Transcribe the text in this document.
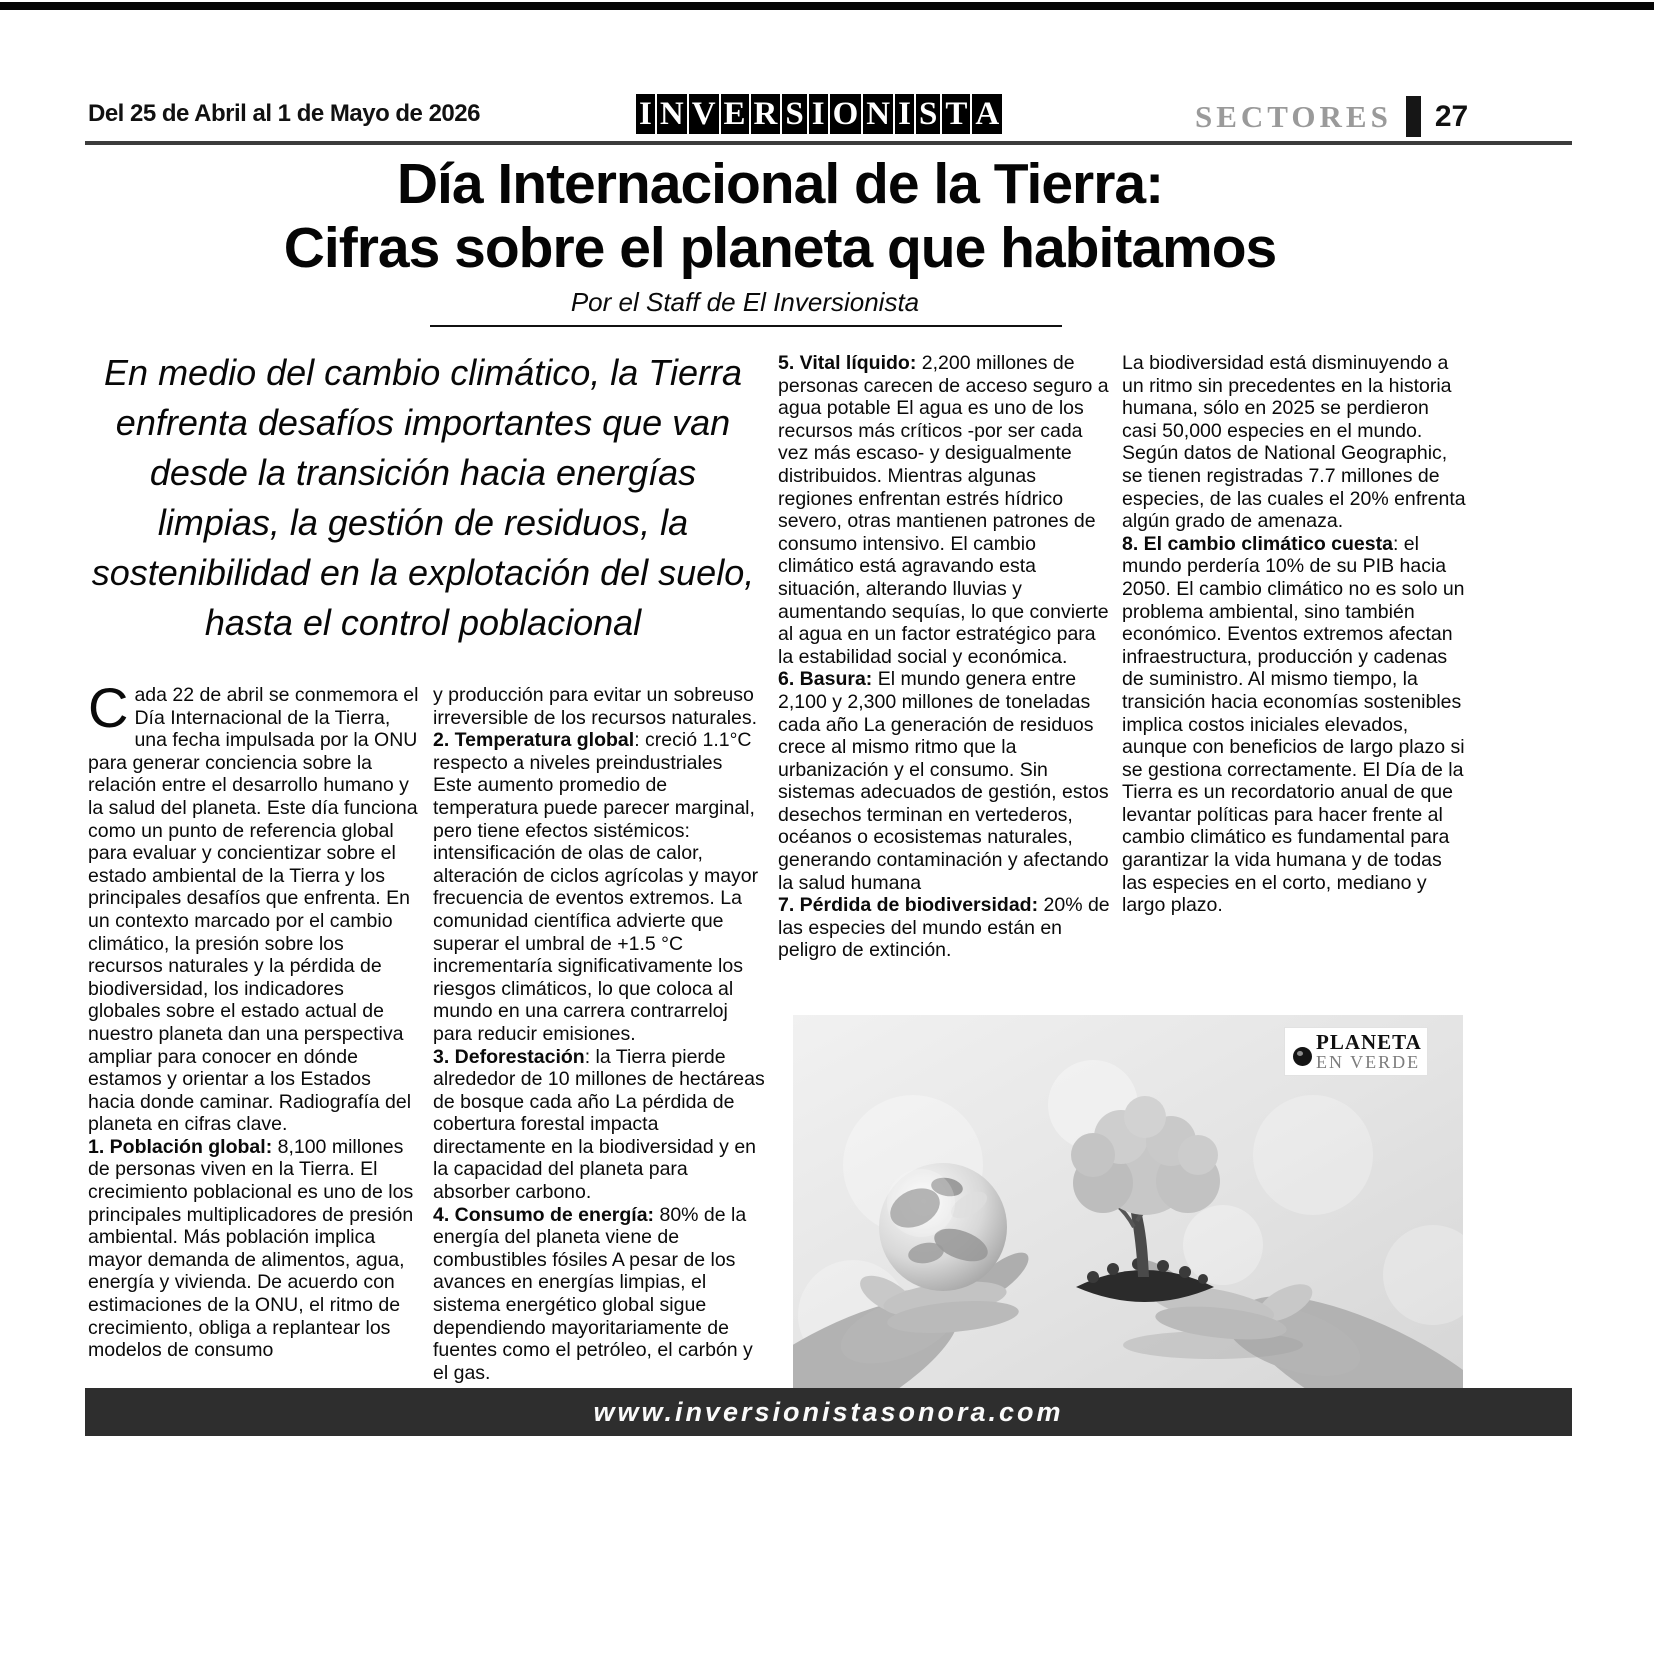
Del 25 de Abril al 1 de Mayo de 2026	I N V E R S I O N I S T A	SECTORES 27
Día Internacional de la Tierra:
Cifras sobre el planeta que habitamos
Por el Staff de El Inversionista
En medio del cambio climático, la Tierra enfrenta desafíos importantes que van desde la transición hacia energías limpias, la gestión de residuos, la sostenibilidad en la explotación del suelo, hasta el control poblacional

Cada 22 de abril se conmemora el Día Internacional de la Tierra, una fecha impulsada por la ONU para generar conciencia sobre la relación entre el desarrollo humano y la salud del planeta. Este día funciona como un punto de referencia global para evaluar y concientizar sobre el estado ambiental de la Tierra y los principales desafíos que enfrenta. En un contexto marcado por el cambio climático, la presión sobre los recursos naturales y la pérdida de biodiversidad, los indicadores globales sobre el estado actual de nuestro planeta dan una perspectiva ampliar para conocer en dónde estamos y orientar a los Estados hacia donde caminar. Radiografía del planeta en cifras clave.

1. Población global: 8,100 millones de personas viven en la Tierra. El crecimiento poblacional es uno de los principales multiplicadores de presión ambiental. Más población implica mayor demanda de alimentos, agua, energía y vivienda. De acuerdo con estimaciones de la ONU, el ritmo de crecimiento, obliga a replantear los modelos de consumo

y producción para evitar un sobreuso irreversible de los recursos naturales.

2. Temperatura global: creció 1.1°C respecto a niveles preindustriales Este aumento promedio de temperatura puede parecer marginal, pero tiene efectos sistémicos: intensificación de olas de calor, alteración de ciclos agrícolas y mayor frecuencia de eventos extremos. La comunidad científica advierte que superar el umbral de +1.5 °C incrementaría significativamente los riesgos climáticos, lo que coloca al mundo en una carrera contrarreloj para reducir emisiones.

3. Deforestación: la Tierra pierde alrededor de 10 millones de hectáreas de bosque cada año La pérdida de cobertura forestal impacta directamente en la biodiversidad y en la capacidad del planeta para absorber carbono.

4. Consumo de energía: 80% de la energía del planeta viene de combustibles fósiles A pesar de los avances en energías limpias, el sistema energético global sigue dependiendo mayoritariamente de fuentes como el petróleo, el carbón y el gas.

5. Vital líquido: 2,200 millones de personas carecen de acceso seguro a agua potable El agua es uno de los recursos más críticos -por ser cada vez más escaso- y desigualmente distribuidos. Mientras algunas regiones enfrentan estrés hídrico severo, otras mantienen patrones de consumo intensivo. El cambio climático está agravando esta situación, alterando lluvias y aumentando sequías, lo que convierte al agua en un factor estratégico para la estabilidad social y económica.

6. Basura: El mundo genera entre 2,100 y 2,300 millones de toneladas cada año La generación de residuos crece al mismo ritmo que la urbanización y el consumo. Sin sistemas adecuados de gestión, estos desechos terminan en vertederos, océanos o ecosistemas naturales, generando contaminación y afectando la salud humana

7. Pérdida de biodiversidad: 20% de las especies del mundo están en peligro de extinción.

La biodiversidad está disminuyendo a un ritmo sin precedentes en la historia humana, sólo en 2025 se perdieron casi 50,000 especies en el mundo. Según datos de National Geographic, se tienen registradas 7.7 millones de especies, de las cuales el 20% enfrenta algún grado de amenaza.

8. El cambio climático cuesta: el mundo perdería 10% de su PIB hacia 2050. El cambio climático no es solo un problema ambiental, sino también económico. Eventos extremos afectan infraestructura, producción y cadenas de suministro. Al mismo tiempo, la transición hacia economías sostenibles implica costos iniciales elevados, aunque con beneficios de largo plazo si se gestiona correctamente. El Día de la Tierra es un recordatorio anual de que levantar políticas para hacer frente al cambio climático es fundamental para garantizar la vida humana y de todas las especies en el corto, mediano y largo plazo.

PLANETA
EN VERDE
www.inversionistasonora.com
